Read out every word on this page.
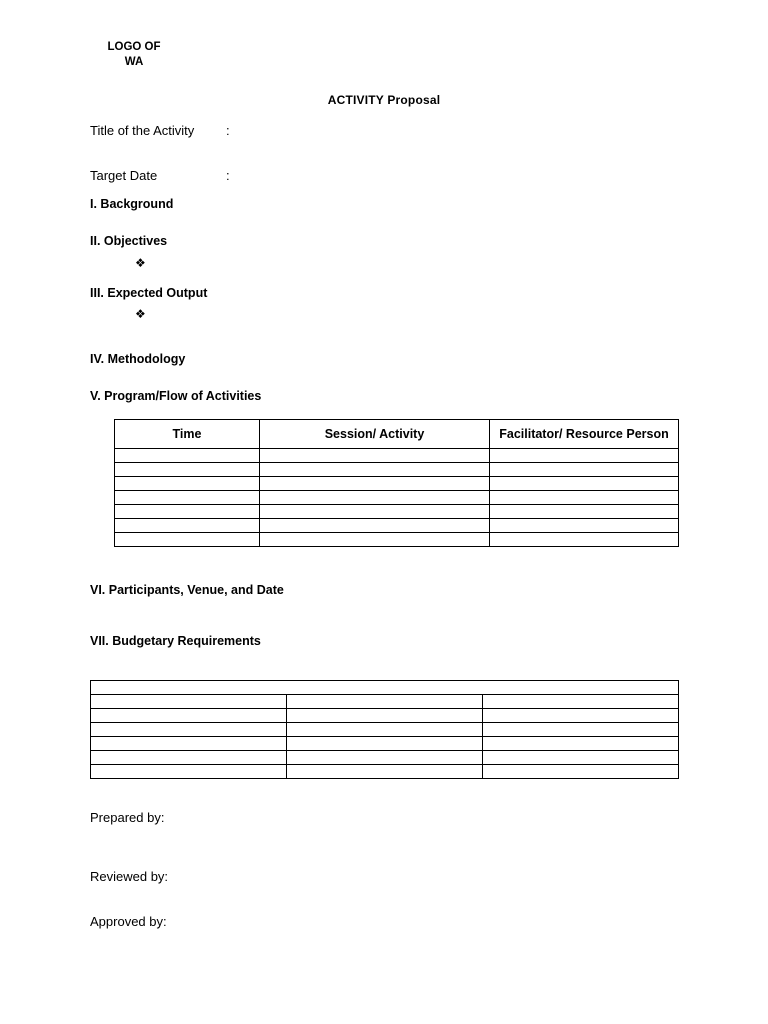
LOGO OF
WA
ACTIVITY Proposal
Title of the Activity :
Target Date	:
I. Background
II. Objectives
❖
III. Expected Output
❖
IV. Methodology
V. Program/Flow of Activities
Time	Session/ Activity	Facilitator/ Resource Person

VI. Participants, Venue, and Date
VII. Budgetary Requirements

Prepared by:
Reviewed by:
Approved by:
